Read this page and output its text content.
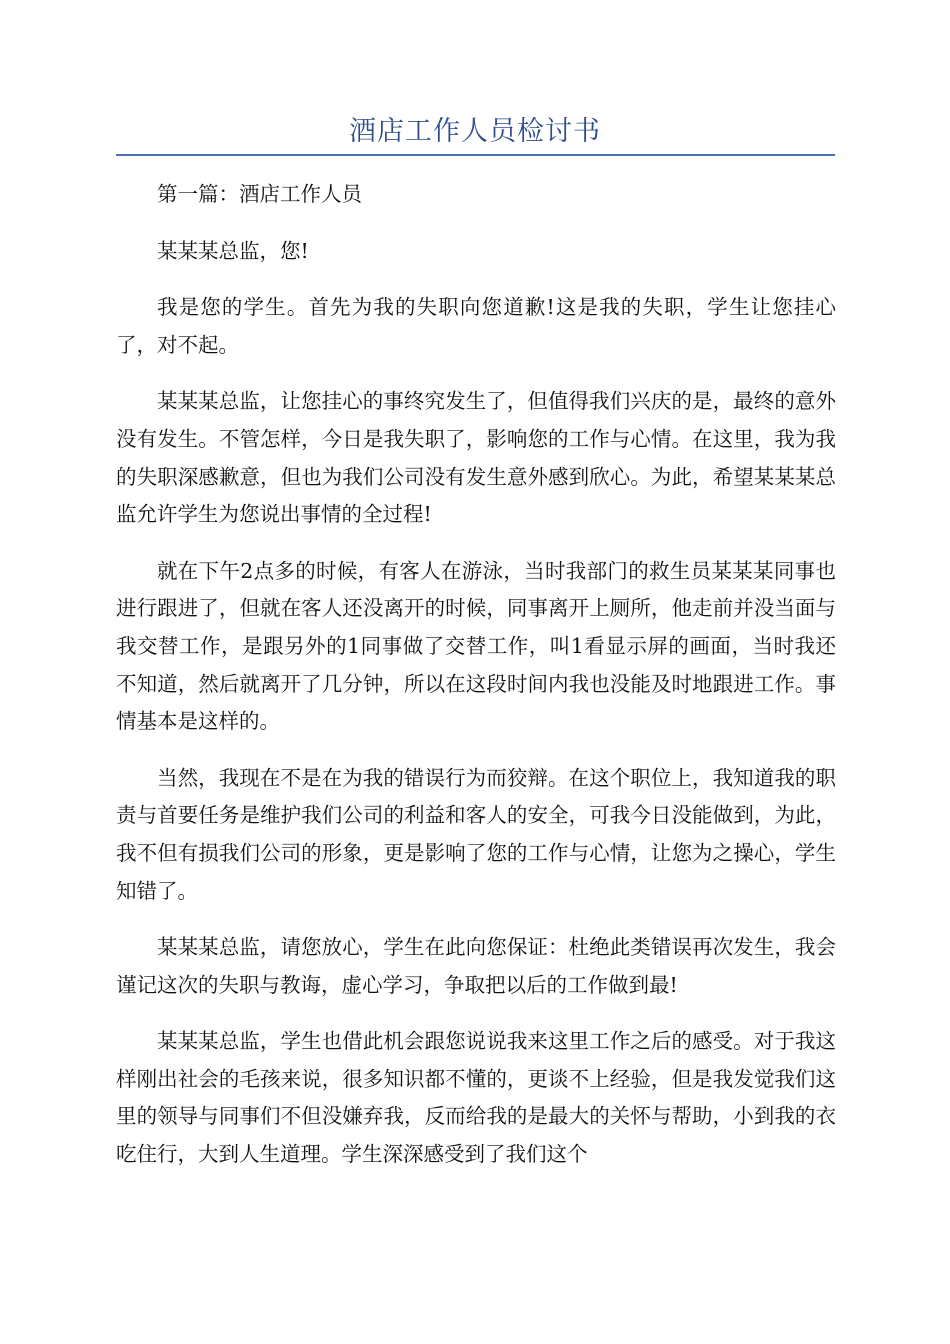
酒店工作人员检讨书

第一篇：酒店工作人员

某某某总监，您!

我是您的学生。首先为我的失职向您道歉!这是我的失职，学生让您挂心了，对不起。

某某某总监，让您挂心的事终究发生了，但值得我们兴庆的是，最终的意外没有发生。不管怎样，今日是我失职了，影响您的工作与心情。在这里，我为我的失职深感歉意，但也为我们公司没有发生意外感到欣心。为此，希望某某某总监允许学生为您说出事情的全过程!

就在下午2点多的时候，有客人在游泳，当时我部门的救生员某某某同事也进行跟进了，但就在客人还没离开的时候，同事离开上厕所，他走前并没当面与我交替工作，是跟另外的1同事做了交替工作，叫1看显示屏的画面，当时我还不知道，然后就离开了几分钟，所以在这段时间内我也没能及时地跟进工作。事情基本是这样的。

当然，我现在不是在为我的错误行为而狡辩。在这个职位上，我知道我的职责与首要任务是维护我们公司的利益和客人的安全，可我今日没能做到，为此，我不但有损我们公司的形象，更是影响了您的工作与心情，让您为之操心，学生知错了。

某某某总监，请您放心，学生在此向您保证：杜绝此类错误再次发生，我会谨记这次的失职与教诲，虚心学习，争取把以后的工作做到最!

某某某总监，学生也借此机会跟您说说我来这里工作之后的感受。对于我这样刚出社会的毛孩来说，很多知识都不懂的，更谈不上经验，但是我发觉我们这里的领导与同事们不但没嫌弃我，反而给我的是最大的关怀与帮助，小到我的衣吃住行，大到人生道理。学生深深感受到了我们这个
